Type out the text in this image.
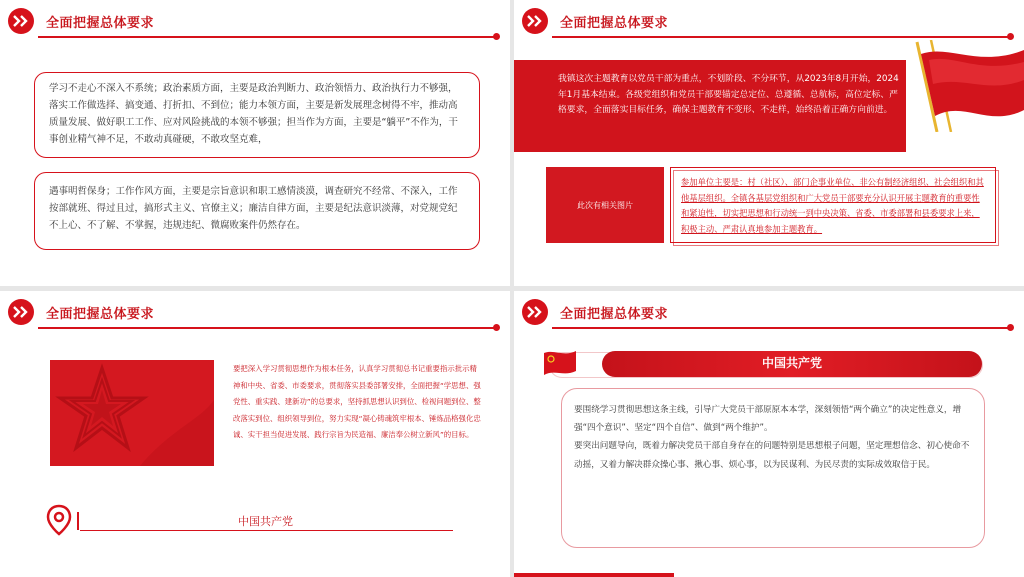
全面把握总体要求
学习不走心不深入不系统；政治素质方面，主要是政治判断力、政治领悟力、政治执行力不够强，落实工作做选择、搞变通、打折扣、不到位；能力本领方面，主要是新发展理念树得不牢，推动高质量发展、做好职工工作、应对风险挑战的本领不够强；担当作为方面，主要是“躺平”不作为，干事创业精气神不足，不敢动真碰硬，不敢攻坚克难，
遇事明哲保身；工作作风方面，主要是宗旨意识和职工感情淡漠，调查研究不经常、不深入，工作按部就班、得过且过，搞形式主义、官僚主义；廉洁自律方面，主要是纪法意识淡薄，对党规党纪不上心、不了解、不掌握，违规违纪、微腐败案件仍然存在。
全面把握总体要求
我镇这次主题教育以党员干部为重点，不划阶段、不分环节，从2023年8月开始，2024年1月基本结束。各级党组织和党员干部要锚定总定位、总遵循、总航标，高位定标、严格要求，全面落实目标任务，确保主题教育不变形、不走样，始终沿着正确方向前进。
此次有相关图片
参加单位主要是：村（社区）、部门企事业单位、非公有制经济组织、社会组织和其他基层组织。全镇各基层党组织和广大党员干部要充分认识开展主题教育的重要性和紧迫性，切实把思想和行动统一到中央决策、省委、市委部署和县委要求上来，积极主动、严肃认真地参加主题教育。
全面把握总体要求
要把深入学习贯彻思想作为根本任务，认真学习贯彻总书记重要指示批示精神和中央、省委、市委要求，贯彻落实县委部署安排，全面把握“学思想、强党性、重实践、建新功”的总要求，坚持抓思想认识到位、检视问题到位、整改落实到位、组织领导到位，努力实现“凝心铸魂筑牢根本、锤炼品格强化忠诚、实干担当促进发展、践行宗旨为民造福、廉洁奉公树立新风”的目标。
中国共产党
全面把握总体要求
中国共产党
要围绕学习贯彻思想这条主线，引导广大党员干部原原本本学，深刻领悟“两个确立”的决定性意义，增强“四个意识”、坚定“四个自信”、做到“两个维护”。
要突出问题导向，既着力解决党员干部自身存在的问题特别是思想根子问题，坚定理想信念、初心使命不动摇，又着力解决群众操心事、揪心事、烦心事，以为民谋利、为民尽责的实际成效取信于民。
